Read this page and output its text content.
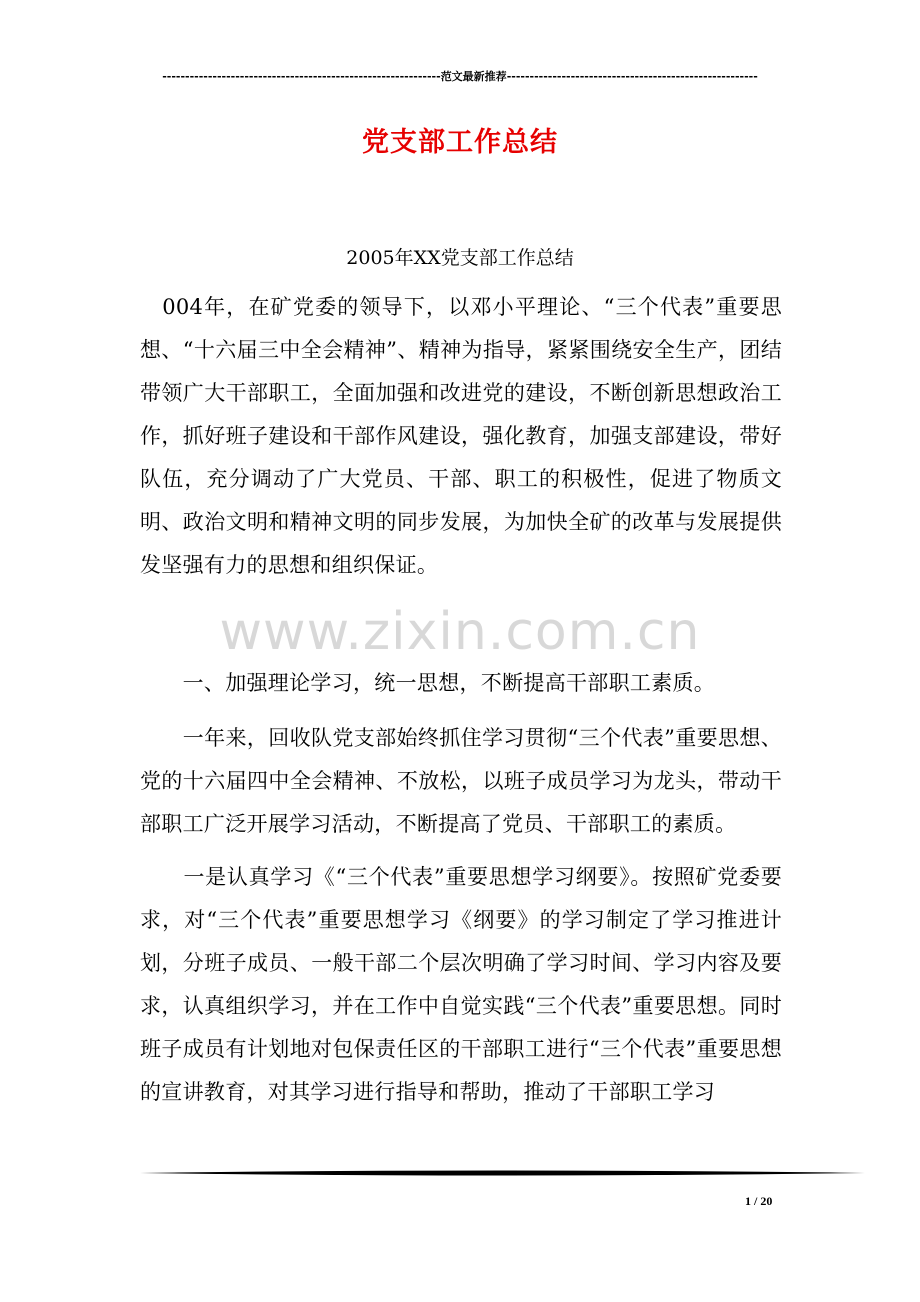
-------------------------------------------------------------范文最新推荐-------------------------------------------------------
党支部工作总结
2005年XX党支部工作总结
www.zixin.com.cn
　004年，在矿党委的领导下，以邓小平理论、“三个代表”重要思想、“十六届三中全会精神”、精神为指导，紧紧围绕安全生产，团结带领广大干部职工，全面加强和改进党的建设，不断创新思想政治工作，抓好班子建设和干部作风建设，强化教育，加强支部建设，带好队伍，充分调动了广大党员、干部、职工的积极性，促进了物质文明、政治文明和精神文明的同步发展，为加快全矿的改革与发展提供发坚强有力的思想和组织保证。
　　一、加强理论学习，统一思想，不断提高干部职工素质。
　　一年来，回收队党支部始终抓住学习贯彻“三个代表”重要思想、党的十六届四中全会精神、不放松，以班子成员学习为龙头，带动干部职工广泛开展学习活动，不断提高了党员、干部职工的素质。
　　一是认真学习《“三个代表”重要思想学习纲要》。按照矿党委要求，对“三个代表”重要思想学习《纲要》的学习制定了学习推进计划，分班子成员、一般干部二个层次明确了学习时间、学习内容及要求，认真组织学习，并在工作中自觉实践“三个代表”重要思想。同时班子成员有计划地对包保责任区的干部职工进行“三个代表”重要思想的宣讲教育，对其学习进行指导和帮助，推动了干部职工学习
1 / 20
